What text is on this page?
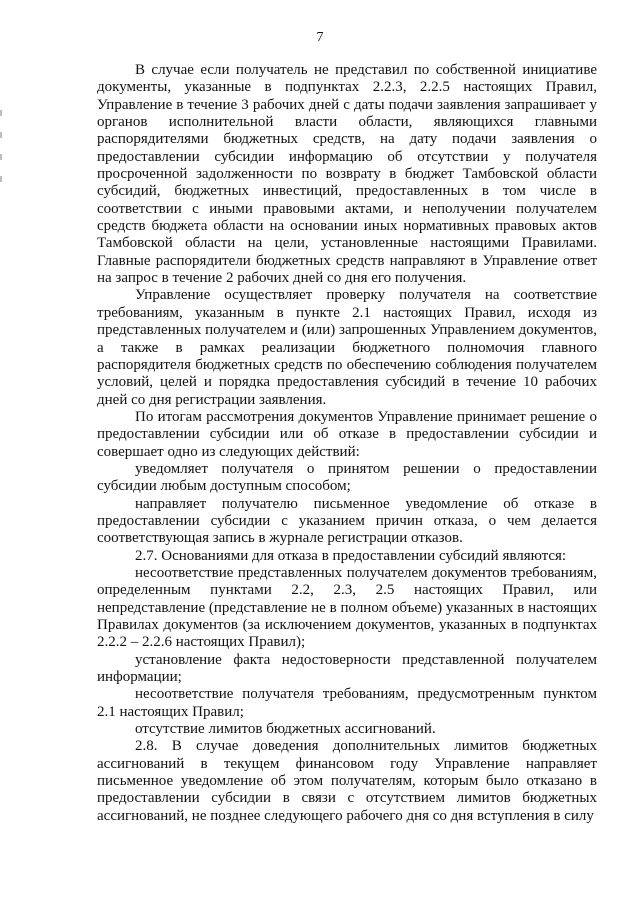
7

В случае если получатель не представил по собственной инициативе документы, указанные в подпунктах 2.2.3, 2.2.5 настоящих Правил, Управление в течение 3 рабочих дней с даты подачи заявления запрашивает у органов исполнительной власти области, являющихся главными распорядителями бюджетных средств, на дату подачи заявления о предоставлении субсидии информацию об отсутствии у получателя просроченной задолженности по возврату в бюджет Тамбовской области субсидий, бюджетных инвестиций, предоставленных в том числе в соответствии с иными правовыми актами, и неполучении получателем средств бюджета области на основании иных нормативных правовых актов Тамбовской области на цели, установленные настоящими Правилами. Главные распорядители бюджетных средств направляют в Управление ответ на запрос в течение 2 рабочих дней со дня его получения.

Управление осуществляет проверку получателя на соответствие требованиям, указанным в пункте 2.1 настоящих Правил, исходя из представленных получателем и (или) запрошенных Управлением документов, а также в рамках реализации бюджетного полномочия главного распорядителя бюджетных средств по обеспечению соблюдения получателем условий, целей и порядка предоставления субсидий в течение 10 рабочих дней со дня регистрации заявления.

По итогам рассмотрения документов Управление принимает решение о предоставлении субсидии или об отказе в предоставлении субсидии и совершает одно из следующих действий:

уведомляет получателя о принятом решении о предоставлении субсидии любым доступным способом;

направляет получателю письменное уведомление об отказе в предоставлении субсидии с указанием причин отказа, о чем делается соответствующая запись в журнале регистрации отказов.

2.7. Основаниями для отказа в предоставлении субсидий являются:

несоответствие представленных получателем документов требованиям, определенным пунктами 2.2, 2.3, 2.5 настоящих Правил, или непредставление (представление не в полном объеме) указанных в настоящих Правилах документов (за исключением документов, указанных в подпунктах 2.2.2 – 2.2.6 настоящих Правил);

установление факта недостоверности представленной получателем информации;

несоответствие получателя требованиям, предусмотренным пунктом 2.1 настоящих Правил;

отсутствие лимитов бюджетных ассигнований.

2.8. В случае доведения дополнительных лимитов бюджетных ассигнований в текущем финансовом году Управление направляет письменное уведомление об этом получателям, которым было отказано в предоставлении субсидии в связи с отсутствием лимитов бюджетных ассигнований, не позднее следующего рабочего дня со дня вступления в силу
